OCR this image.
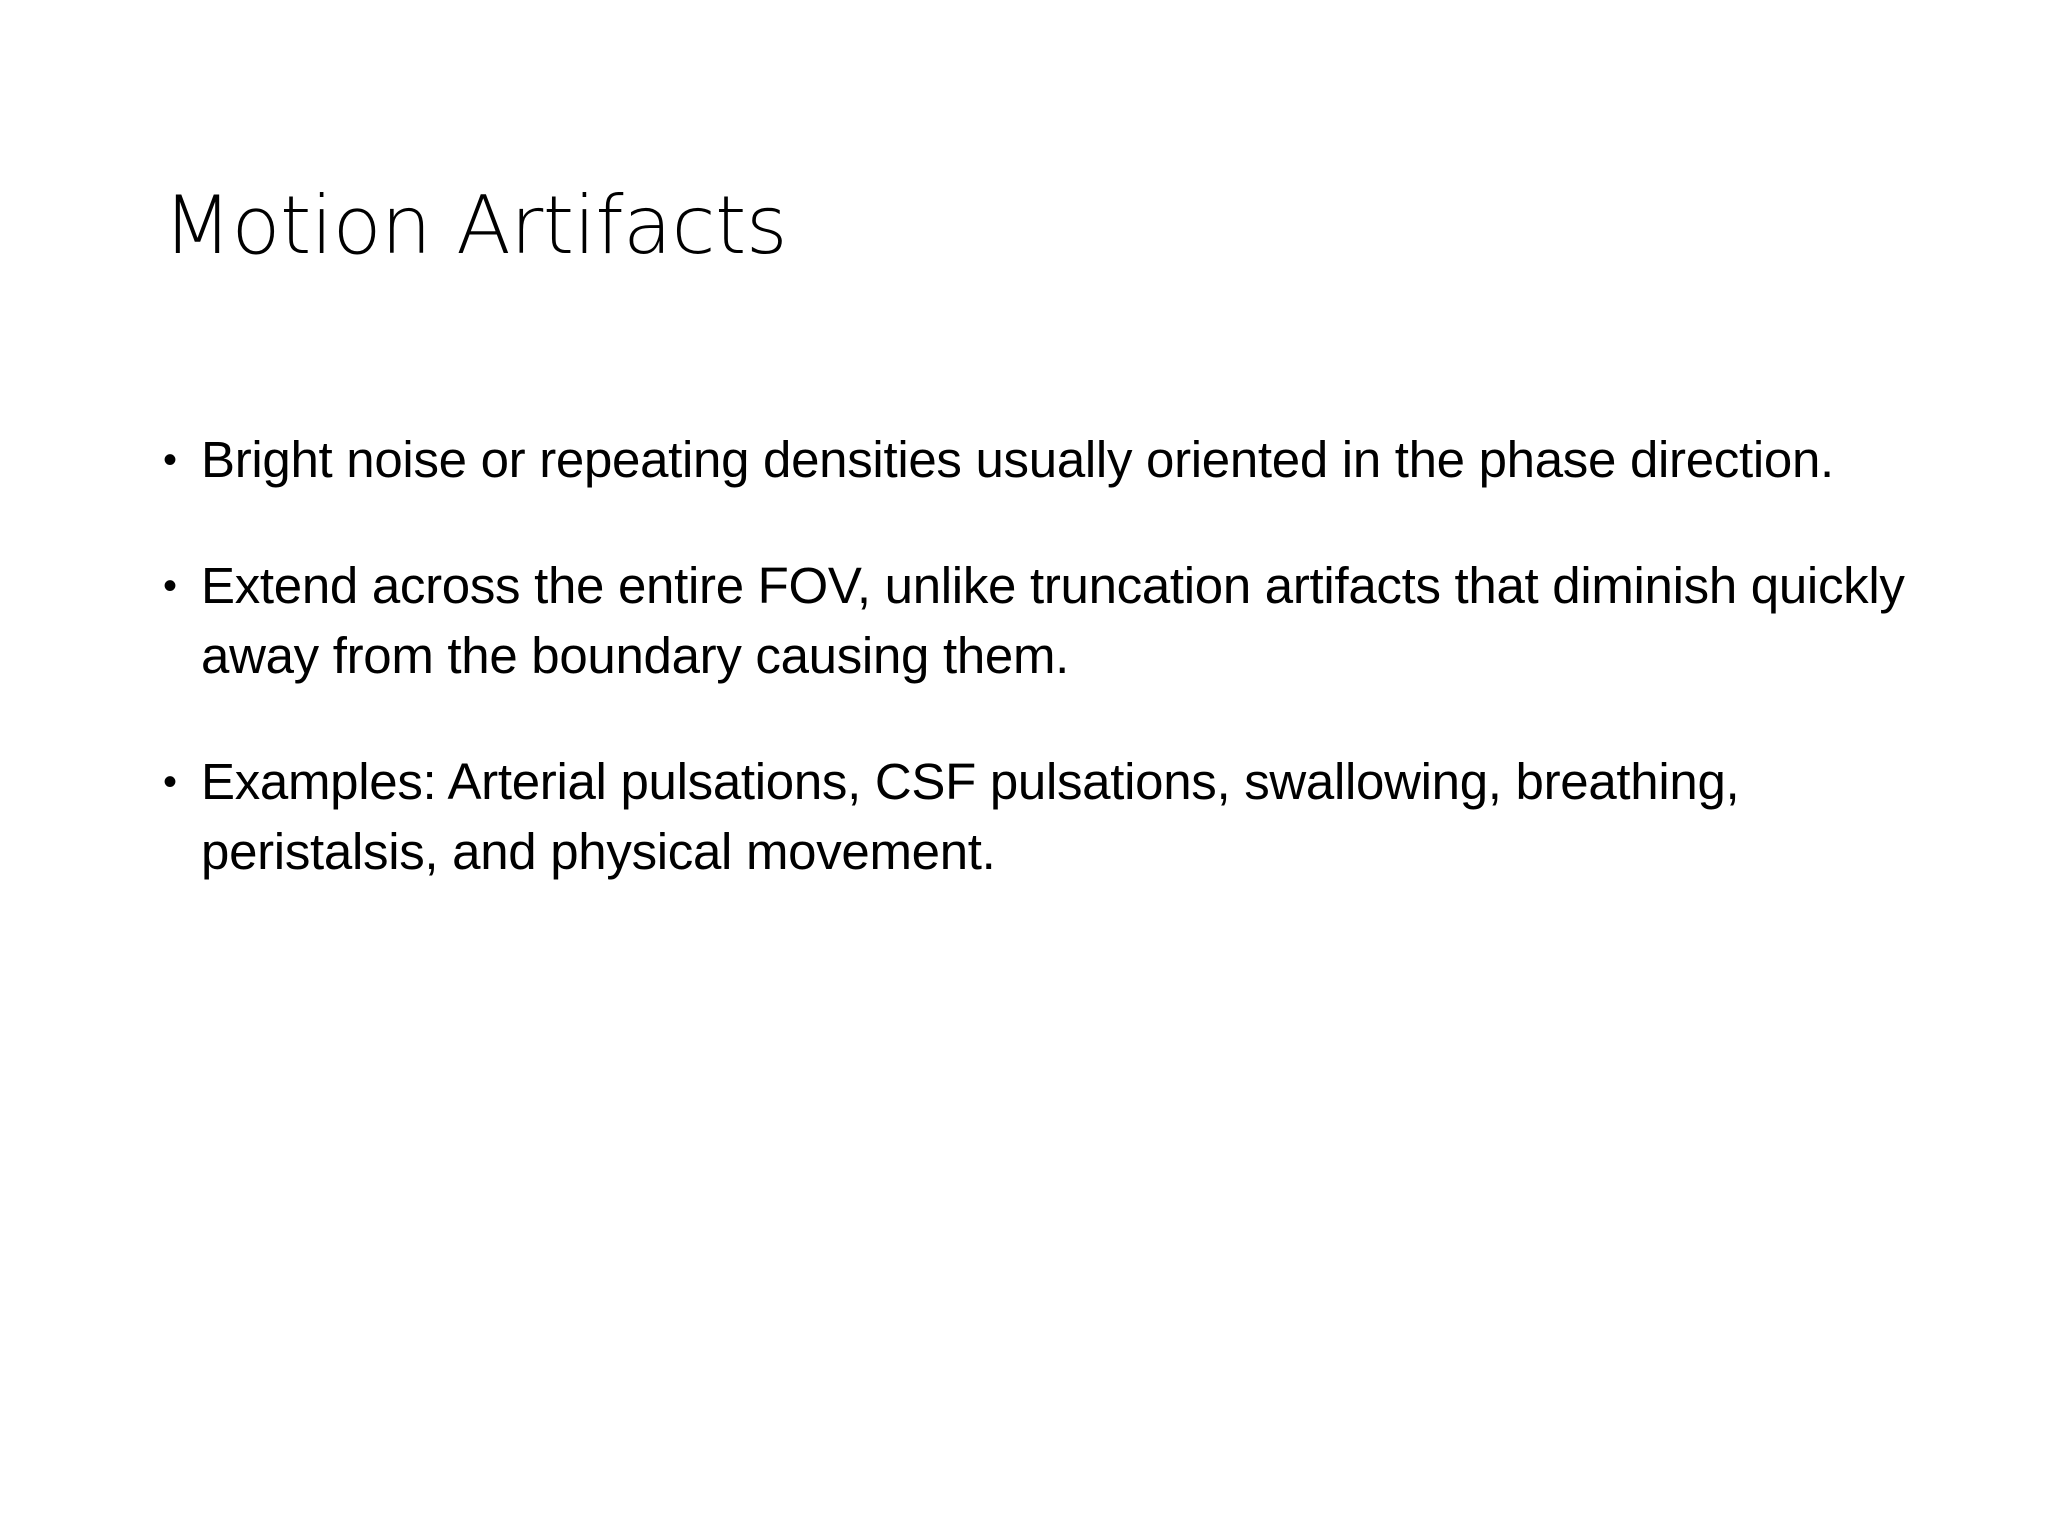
Motion Artifacts
• Bright noise or repeating densities usually oriented in the phase direction.
• Extend across the entire FOV, unlike truncation artifacts that diminish quickly away from the boundary causing them.
• Examples: Arterial pulsations, CSF pulsations, swallowing, breathing, peristalsis, and physical movement.
